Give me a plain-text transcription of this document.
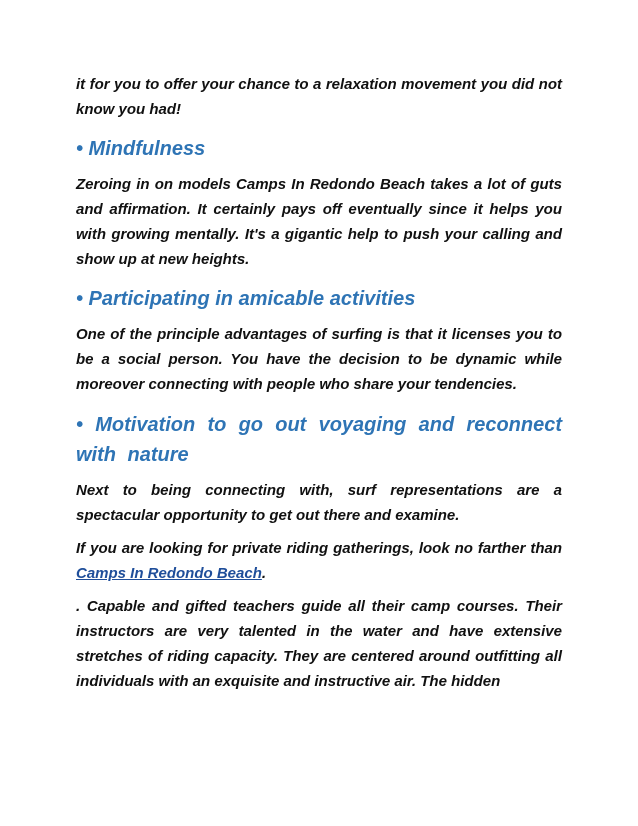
it for you to offer your chance to a relaxation movement you did not know you had!

• Mindfulness

Zeroing in on models Camps In Redondo Beach takes a lot of guts and affirmation. It certainly pays off eventually since it helps you with growing mentally. It's a gigantic help to push your calling and show up at new heights.

• Participating in amicable activities

One of the principle advantages of surfing is that it licenses you to be a social person. You have the decision to be dynamic while moreover connecting with people who share your tendencies.

• Motivation to go out voyaging and reconnect with nature

Next to being connecting with, surf representations are a spectacular opportunity to get out there and examine.

If you are looking for private riding gatherings, look no farther than Camps In Redondo Beach.

. Capable and gifted teachers guide all their camp courses. Their instructors are very talented in the water and have extensive stretches of riding capacity. They are centered around outfitting all individuals with an exquisite and instructive air. The hidden
